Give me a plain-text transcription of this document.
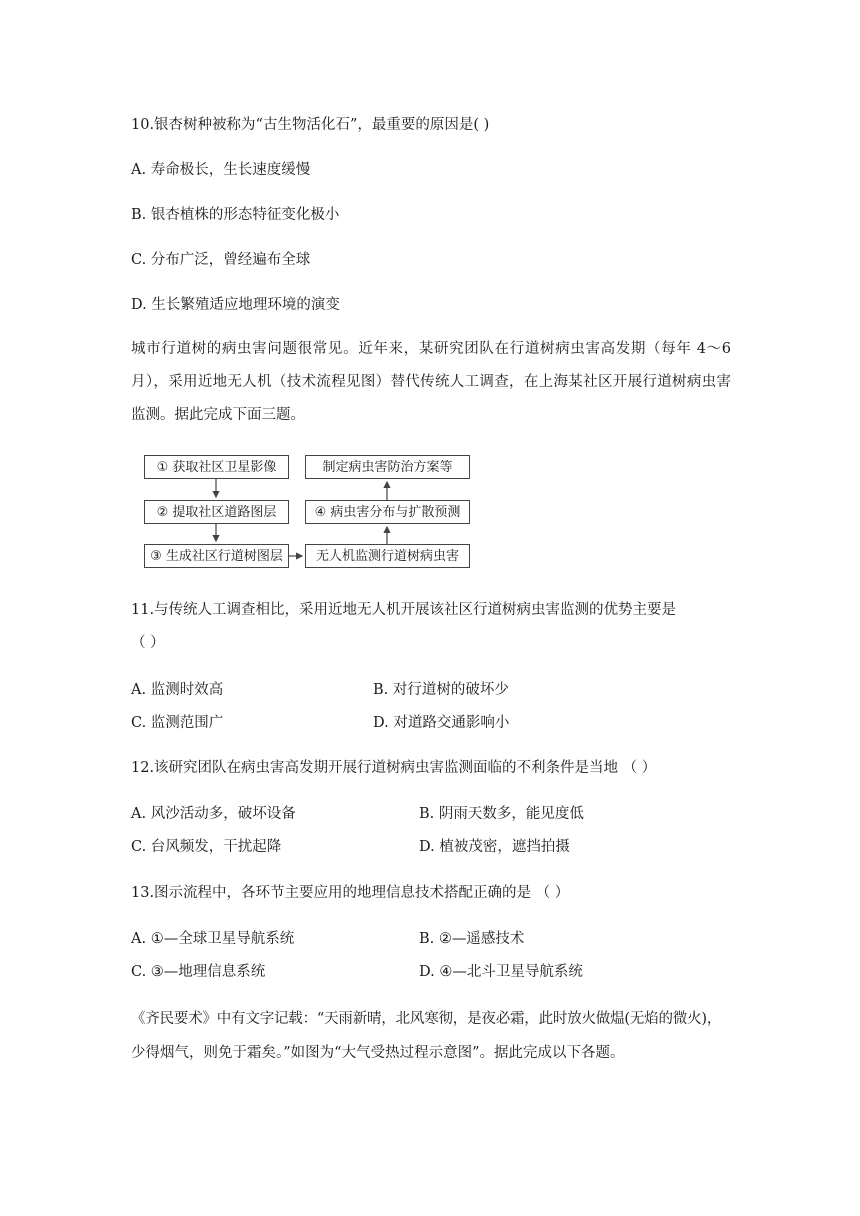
10.银杏树种被称为“古生物活化石”，最重要的原因是( )
A. 寿命极长，生长速度缓慢
B. 银杏植株的形态特征变化极小
C. 分布广泛，曾经遍布全球
D. 生长繁殖适应地理环境的演变
城市行道树的病虫害问题很常见。近年来，某研究团队在行道树病虫害高发期（每年 4～6 月），采用近地无人机（技术流程见图）替代传统人工调查，在上海某社区开展行道树病虫害监测。据此完成下面三题。
① 获取社区卫星影像
② 提取社区道路图层
③ 生成社区行道树图层
制定病虫害防治方案等
④ 病虫害分布与扩散预测
无人机监测行道树病虫害
11.与传统人工调查相比，采用近地无人机开展该社区行道树病虫害监测的优势主要是
（ ）
A. 监测时效高	B. 对行道树的破坏少
C. 监测范围广	D. 对道路交通影响小
12.该研究团队在病虫害高发期开展行道树病虫害监测面临的不利条件是当地 （ ）
A. 风沙活动多，破坏设备	B. 阴雨天数多，能见度低
C. 台风频发，干扰起降	D. 植被茂密，遮挡拍摄
13.图示流程中，各环节主要应用的地理信息技术搭配正确的是 （ ）
A. ①—全球卫星导航系统	B. ②—遥感技术
C. ③—地理信息系统	D. ④—北斗卫星导航系统
《齐民要术》中有文字记载：“天雨新晴，北风寒彻，是夜必霜，此时放火做煴(无焰的微火)，
少得烟气，则免于霜矣。”如图为“大气受热过程示意图”。据此完成以下各题。
